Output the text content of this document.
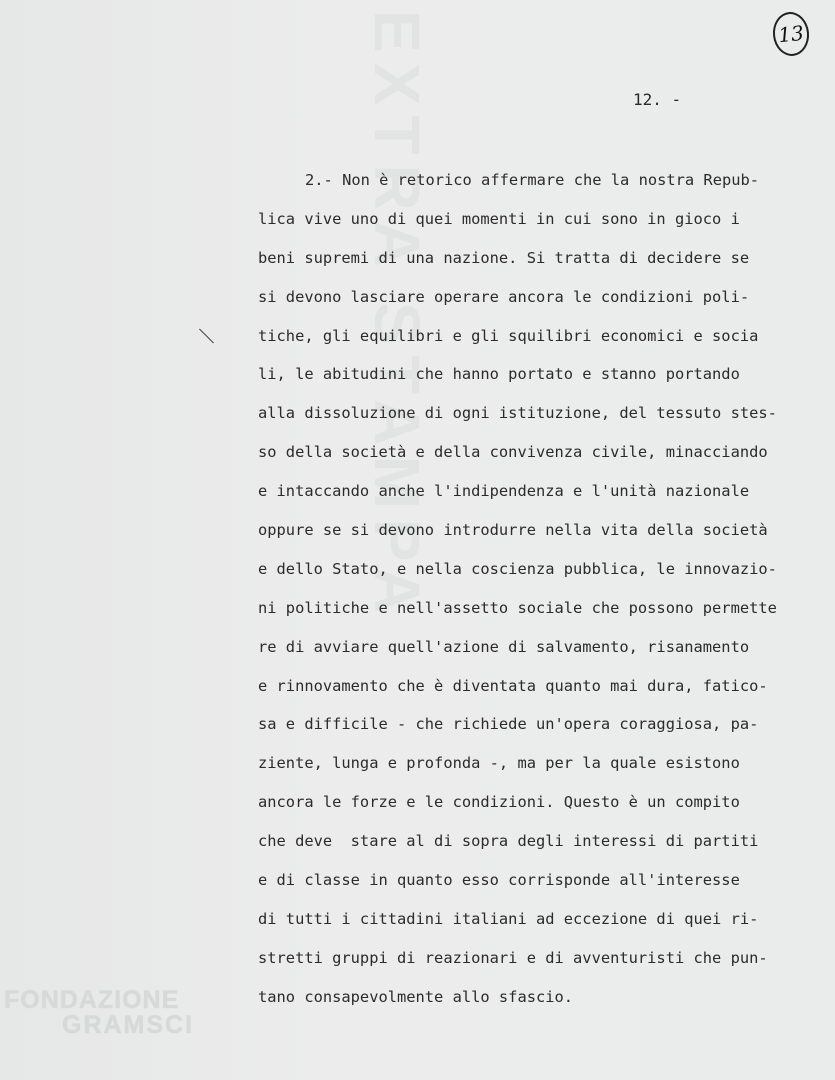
EXTRA STAMPA	13
12. -
2.- Non è retorico affermare che la nostra Repub-
lica vive uno di quei momenti in cui sono in gioco i
beni supremi di una nazione. Si tratta di decidere se
si devono lasciare operare ancora le condizioni poli-
tiche, gli equilibri e gli squilibri economici e socia
li, le abitudini che hanno portato e stanno portando
alla dissoluzione di ogni istituzione, del tessuto stes-
so della società e della convivenza civile, minacciando
e intaccando anche l'indipendenza e l'unità nazionale
oppure se si devono introdurre nella vita della società
e dello Stato, e nella coscienza pubblica, le innovazio-
ni politiche e nell'assetto sociale che possono permette
re di avviare quell'azione di salvamento, risanamento
e rinnovamento che è diventata quanto mai dura, fatico-
sa e difficile - che richiede un'opera coraggiosa, pa-
ziente, lunga e profonda -, ma per la quale esistono
ancora le forze e le condizioni. Questo è un compito
che deve  stare al di sopra degli interessi di partiti
e di classe in quanto esso corrisponde all'interesse
di tutti i cittadini italiani ad eccezione di quei ri-
stretti gruppi di reazionari e di avventuristi che pun-
tano consapevolmente allo sfascio.
FONDAZIONE
GRAMSCI
